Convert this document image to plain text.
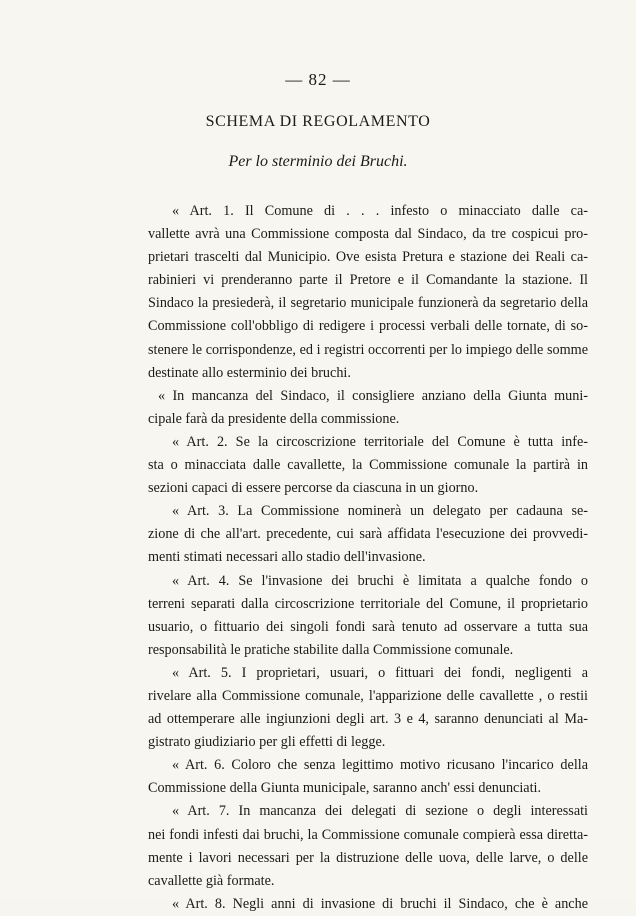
— 82 —
SCHEMA DI REGOLAMENTO
Per lo sterminio dei Bruchi.
« Art. 1. Il Comune di . . . infesto o minacciato dalle ca-
vallette avrà una Commissione composta dal Sindaco, da tre cospicui pro-
prietari trascelti dal Municipio. Ove esista Pretura e stazione dei Reali ca-
rabinieri vi prenderanno parte il Pretore e il Comandante la stazione. Il
Sindaco la presiederà, il segretario municipale funzionerà da segretario della
Commissione coll'obbligo di redigere i processi verbali delle tornate, di so-
stenere le corrispondenze, ed i registri occorrenti per lo impiego delle somme
destinate allo esterminio dei bruchi.
« In mancanza del Sindaco, il consigliere anziano della Giunta muni-
cipale farà da presidente della commissione.
« Art. 2. Se la circoscrizione territoriale del Comune è tutta infe-
sta o minacciata dalle cavallette, la Commissione comunale la partirà in
sezioni capaci di essere percorse da ciascuna in un giorno.
« Art. 3. La Commissione nominerà un delegato per cadauna se-
zione di che all'art. precedente, cui sarà affidata l'esecuzione dei provvedi-
menti stimati necessari allo stadio dell'invasione.
« Art. 4. Se l'invasione dei bruchi è limitata a qualche fondo o
terreni separati dalla circoscrizione territoriale del Comune, il proprietario
usuario, o fittuario dei singoli fondi sarà tenuto ad osservare a tutta sua
responsabilità le pratiche stabilite dalla Commissione comunale.
« Art. 5. I proprietari, usuari, o fittuari dei fondi, negligenti a
rivelare alla Commissione comunale, l'apparizione delle cavallette , o restii
ad ottemperare alle ingiunzioni degli art. 3 e 4, saranno denunciati al Ma-
gistrato giudiziario per gli effetti di legge.
« Art. 6. Coloro che senza legittimo motivo ricusano l'incarico della
Commissione della Giunta municipale, saranno anch' essi denunciati.
« Art. 7. In mancanza dei delegati di sezione o degli interessati
nei fondi infesti dai bruchi, la Commissione comunale compierà essa diretta-
mente i lavori necessari per la distruzione delle uova, delle larve, o delle
cavallette già formate.
« Art. 8. Negli anni di invasione di bruchi il Sindaco, che è anche
